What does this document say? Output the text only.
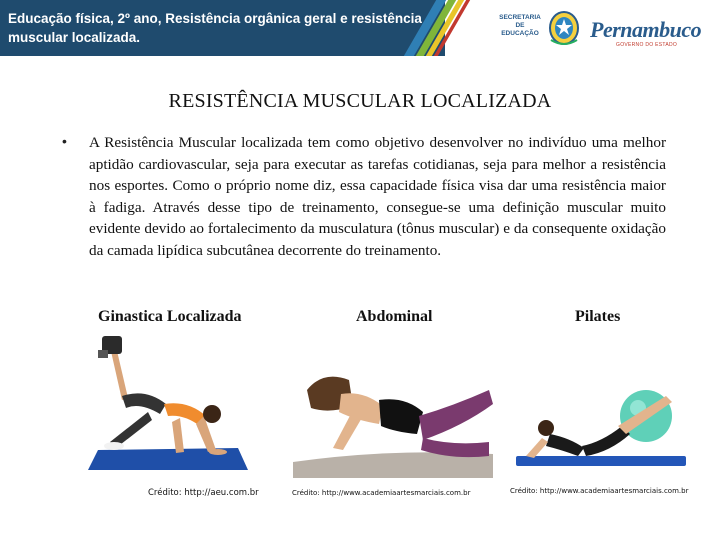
Educação física, 2º ano, Resistência orgânica geral e resistência muscular localizada.
SECRETARIA DE EDUCAÇÃO Pernambuco
GOVERNO DO ESTADO
RESISTÊNCIA MUSCULAR LOCALIZADA
• A Resistência Muscular localizada tem como objetivo desenvolver no indivíduo uma melhor aptidão cardiovascular, seja para executar as tarefas cotidianas, seja para melhor a resistência nos esportes. Como o próprio nome diz, essa capacidade física visa dar uma resistência maior à fadiga. Através desse tipo de treinamento, consegue-se uma definição muscular muito evidente devido ao fortalecimento da musculatura (tônus muscular) e da consequente oxidação da camada lipídica subcutânea decorrente do treinamento.
Ginastica Localizada	Abdominal	Pilates
Crédito: http://aeu.com.br	Crédito: http://www.academiaartesmarciais.com.br	Crédito: http://www.academiaartesmarciais.com.br
